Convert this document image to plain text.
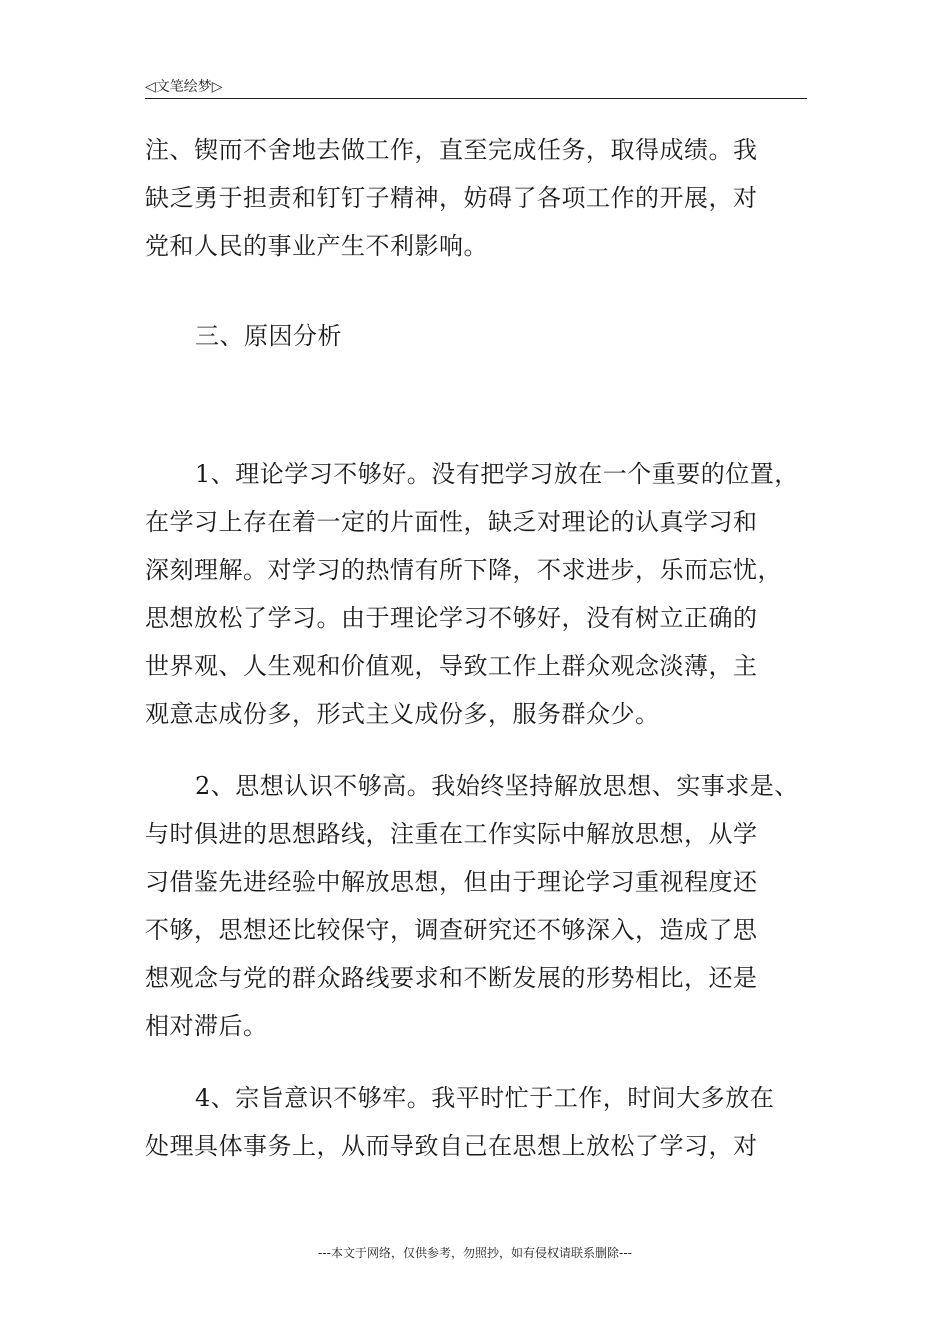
◁文笔绘梦▷
注、锲而不舍地去做工作，直至完成任务，取得成绩。我
缺乏勇于担责和钉钉子精神，妨碍了各项工作的开展，对
党和人民的事业产生不利影响。
三、原因分析
1、理论学习不够好。没有把学习放在一个重要的位置，
在学习上存在着一定的片面性，缺乏对理论的认真学习和
深刻理解。对学习的热情有所下降，不求进步，乐而忘忧，
思想放松了学习。由于理论学习不够好，没有树立正确的
世界观、人生观和价值观，导致工作上群众观念淡薄，主
观意志成份多，形式主义成份多，服务群众少。
2、思想认识不够高。我始终坚持解放思想、实事求是、
与时俱进的思想路线，注重在工作实际中解放思想，从学
习借鉴先进经验中解放思想，但由于理论学习重视程度还
不够，思想还比较保守，调查研究还不够深入，造成了思
想观念与党的群众路线要求和不断发展的形势相比，还是
相对滞后。
4、宗旨意识不够牢。我平时忙于工作，时间大多放在
处理具体事务上，从而导致自己在思想上放松了学习，对
---本文于网络，仅供参考，勿照抄，如有侵权请联系删除---
